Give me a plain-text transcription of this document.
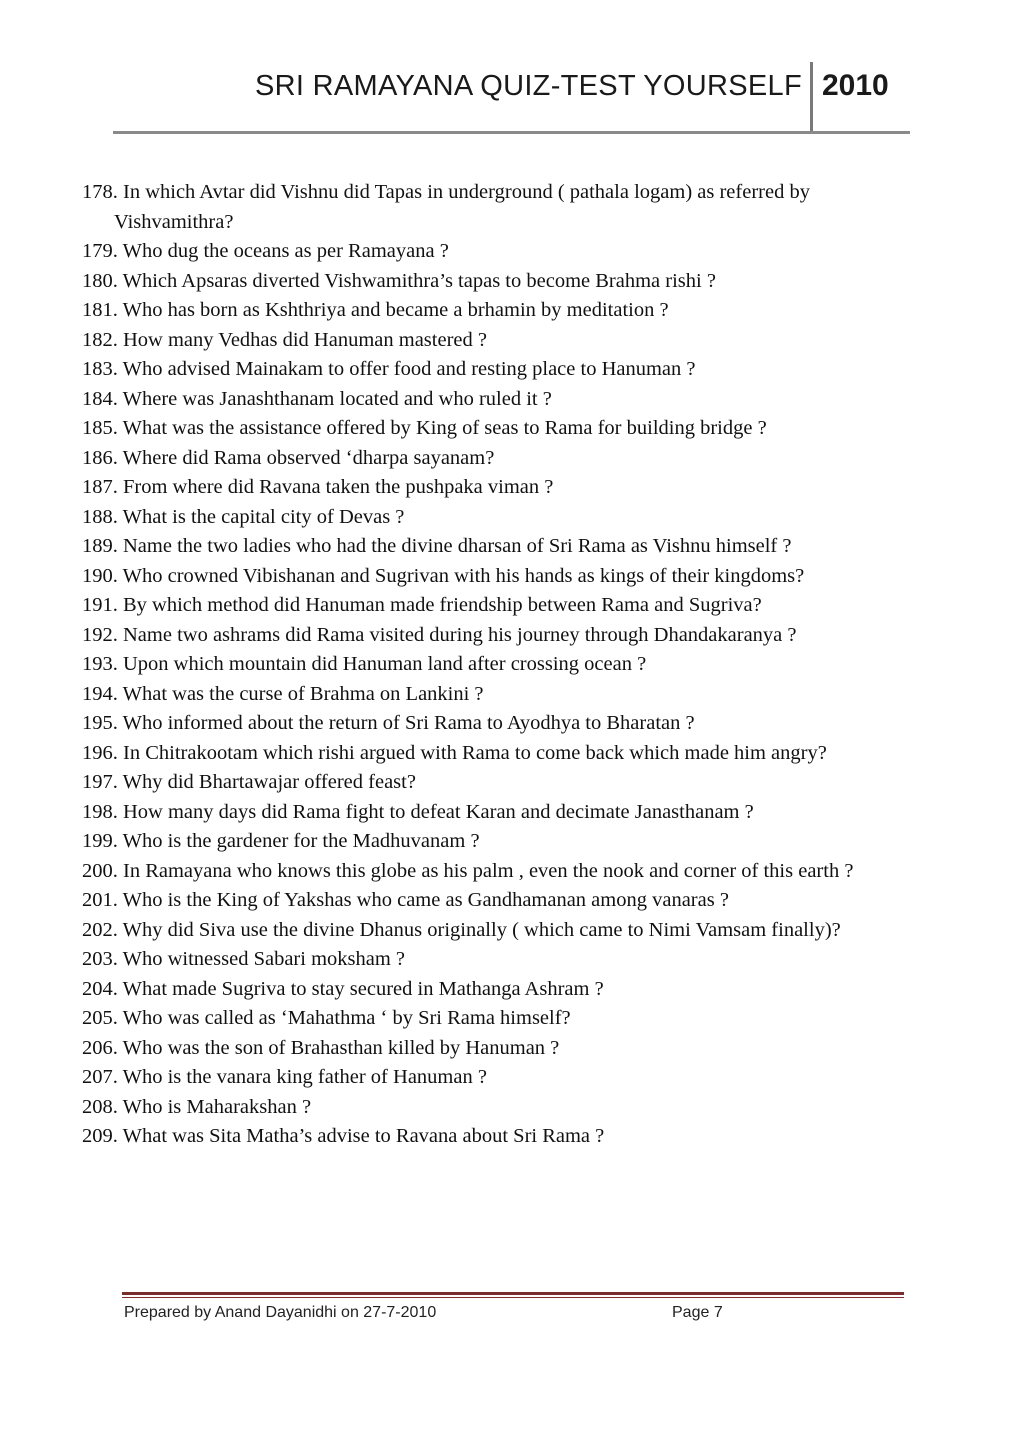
SRI RAMAYANA QUIZ-TEST YOURSELF 2010
178. In which Avtar did Vishnu did Tapas in underground ( pathala logam) as referred by Vishvamithra?
179. Who dug the oceans as per Ramayana ?
180. Which Apsaras diverted Vishwamithra’s tapas to become Brahma rishi ?
181. Who has born as Kshthriya and became a brhamin by meditation ?
182. How many Vedhas did Hanuman mastered ?
183. Who advised Mainakam to offer food and resting place to Hanuman ?
184. Where was Janashthanam located and who ruled it ?
185. What was the assistance offered by King of seas to Rama for building bridge ?
186. Where did Rama observed ‘dharpa sayanam?
187. From where did Ravana taken the pushpaka viman ?
188. What is the capital city of Devas ?
189. Name the two ladies who had the divine dharsan of Sri Rama as Vishnu himself ?
190. Who crowned Vibishanan and Sugrivan with his hands as kings of their kingdoms?
191. By which method did Hanuman made friendship between Rama and Sugriva?
192. Name two ashrams did Rama visited during his journey through Dhandakaranya ?
193. Upon which mountain did Hanuman land after crossing ocean ?
194. What was the curse of Brahma on Lankini ?
195. Who informed about the return of Sri Rama to Ayodhya to Bharatan ?
196. In Chitrakootam which rishi argued with Rama to come back which made him angry?
197. Why did Bhartawajar offered feast?
198. How many days did Rama fight to defeat Karan and decimate Janasthanam ?
199. Who is the gardener for the Madhuvanam ?
200. In Ramayana who knows this globe as his palm , even the nook and corner of this earth ?
201. Who is the King of Yakshas who came as Gandhamanan among vanaras ?
202. Why did Siva use the divine Dhanus originally ( which came to Nimi Vamsam finally)?
203. Who witnessed Sabari moksham ?
204. What made Sugriva to stay secured in Mathanga Ashram ?
205. Who was called as ‘Mahathma ‘ by Sri Rama himself?
206. Who was the son of Brahasthan killed by Hanuman ?
207. Who is the vanara king father of Hanuman ?
208. Who is Maharakshan ?
209. What was Sita Matha’s advise to Ravana about Sri Rama ?
Prepared by Anand Dayanidhi on 27-7-2010	Page 7
